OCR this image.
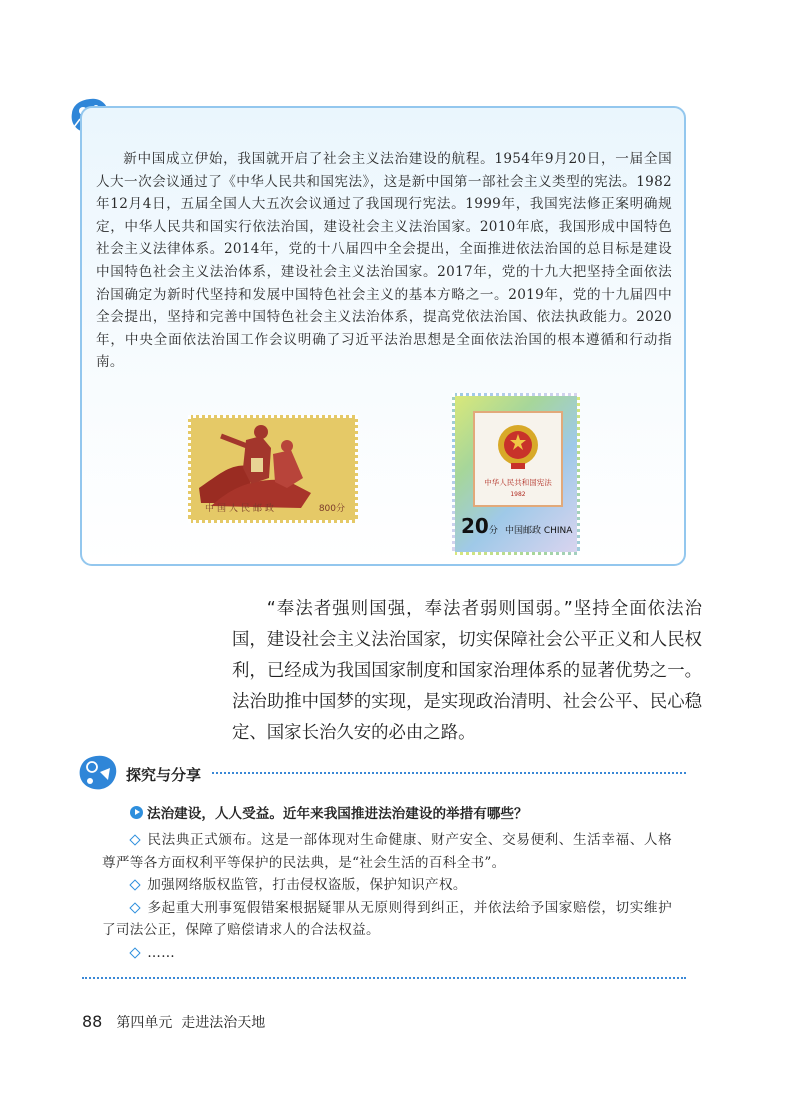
新中国成立伊始，我国就开启了社会主义法治建设的航程。1954年9月20日，一届全国人大一次会议通过了《中华人民共和国宪法》，这是新中国第一部社会主义类型的宪法。1982年12月4日，五届全国人大五次会议通过了我国现行宪法。1999年，我国宪法修正案明确规定，中华人民共和国实行依法治国，建设社会主义法治国家。2010年底，我国形成中国特色社会主义法律体系。2014年，党的十八届四中全会提出，全面推进依法治国的总目标是建设中国特色社会主义法治体系，建设社会主义法治国家。2017年，党的十九大把坚持全面依法治国确定为新时代坚持和发展中国特色社会主义的基本方略之一。2019年，党的十九届四中全会提出，坚持和完善中国特色社会主义法治体系，提高党依法治国、依法执政能力。2020年，中央全面依法治国工作会议明确了习近平法治思想是全面依法治国的根本遵循和行动指南。
中国人民邮政	800分
中华人民共和国宪法
1982
20分 中国邮政 CHINA
“奉法者强则国强，奉法者弱则国弱。”坚持全面依法治国，建设社会主义法治国家，切实保障社会公平正义和人民权利，已经成为我国国家制度和国家治理体系的显著优势之一。法治助推中国梦的实现，是实现政治清明、社会公平、民心稳定、国家长治久安的必由之路。
探究与分享
法治建设，人人受益。近年来我国推进法治建设的举措有哪些？
民法典正式颁布。这是一部体现对生命健康、财产安全、交易便利、生活幸福、人格尊严等各方面权利平等保护的民法典，是“社会生活的百科全书”。
加强网络版权监管，打击侵权盗版，保护知识产权。
多起重大刑事冤假错案根据疑罪从无原则得到纠正，并依法给予国家赔偿，切实维护了司法公正，保障了赔偿请求人的合法权益。
……
88 第四单元 走进法治天地
